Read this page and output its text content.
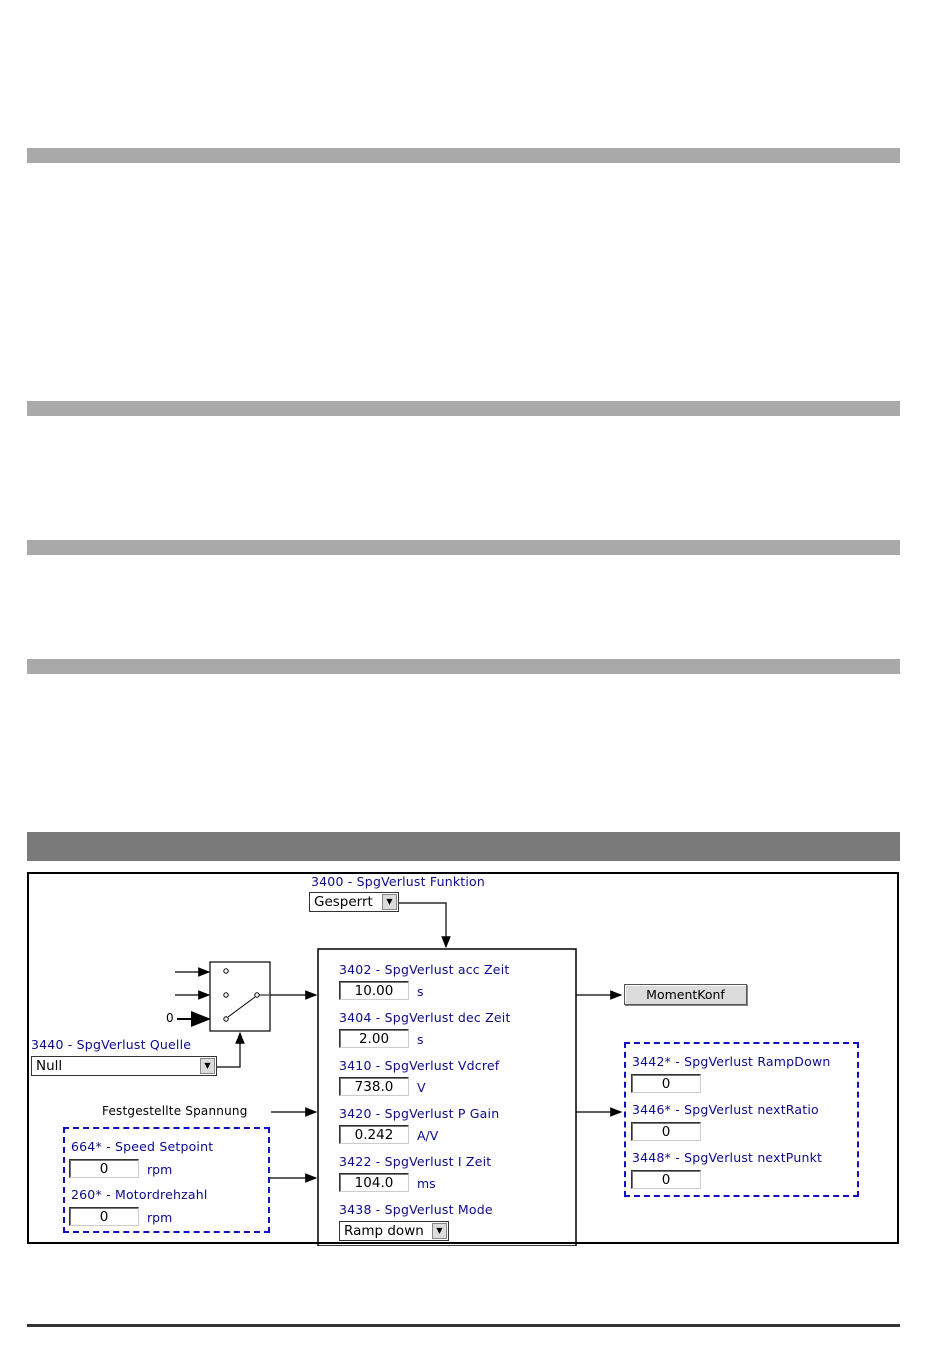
3400 - SpgVerlust Funktion
Gesperrt	▼
0
3440 - SpgVerlust Quelle
Null	▼
Festgestellte Spannung
664* - Speed Setpoint
0	rpm
260* - Motordrehzahl
0	rpm
3402 - SpgVerlust acc Zeit
10.00	s
3404 - SpgVerlust dec Zeit
2.00	s
3410 - SpgVerlust Vdcref
738.0	V
3420 - SpgVerlust P Gain
0.242	A/V
3422 - SpgVerlust I Zeit
104.0	ms
3438 - SpgVerlust Mode
Ramp down	▼
MomentKonf
3442* - SpgVerlust RampDown
0
3446* - SpgVerlust nextRatio
0
3448* - SpgVerlust nextPunkt
0
